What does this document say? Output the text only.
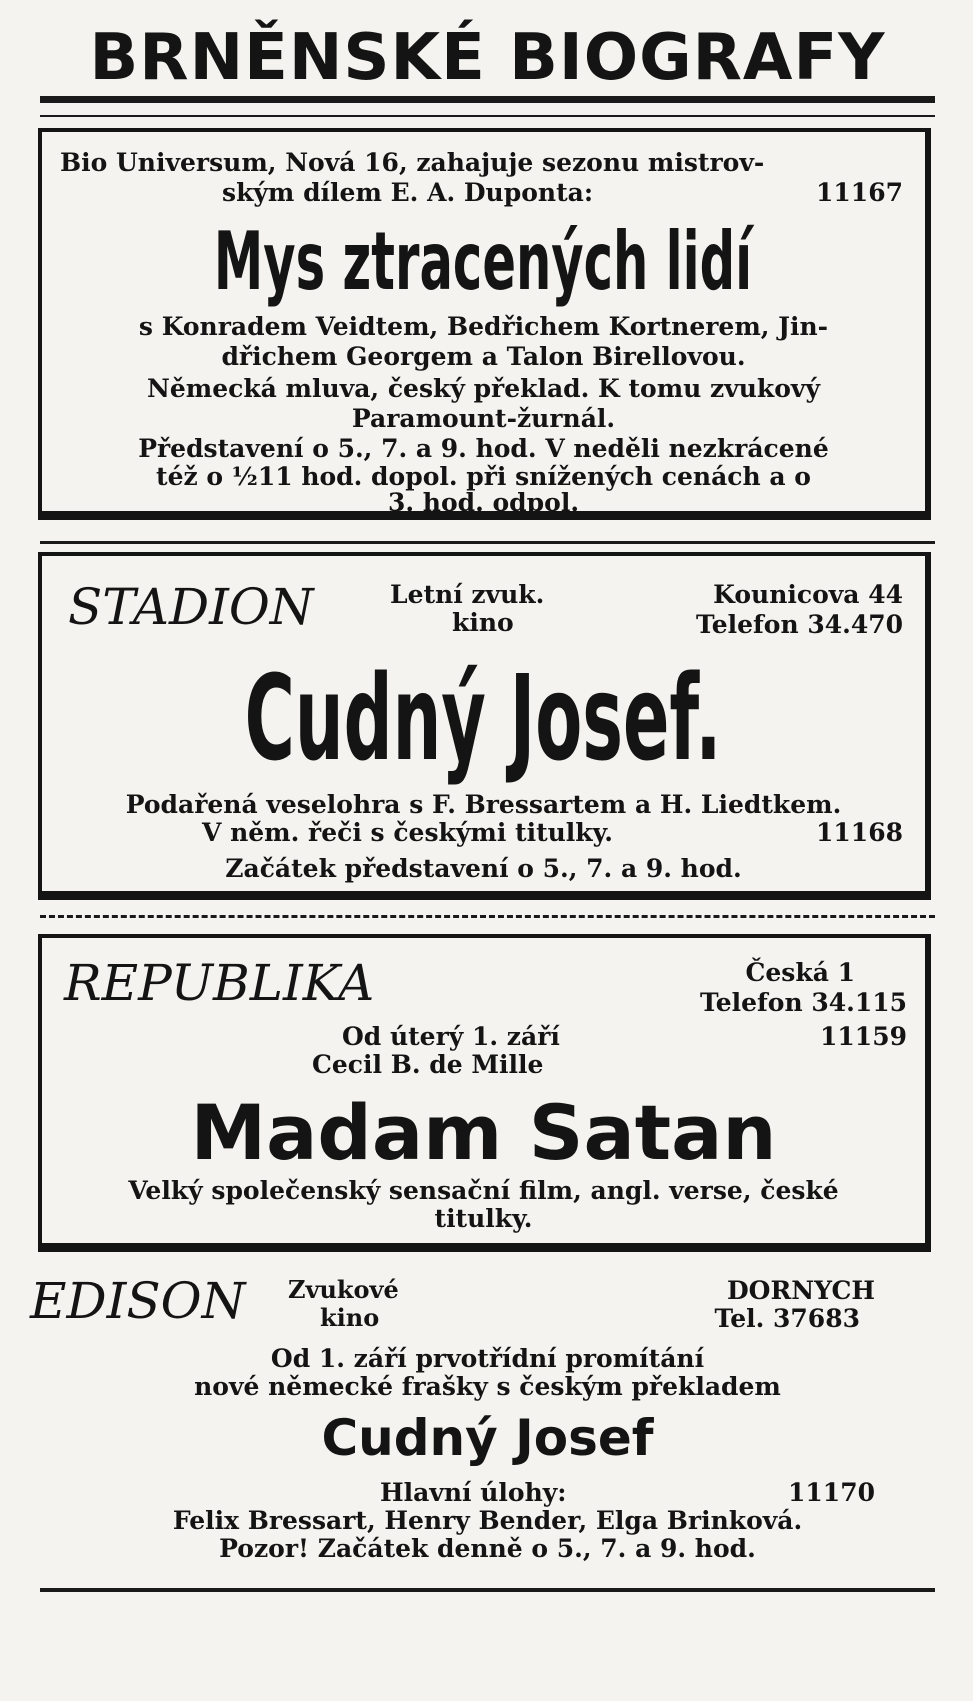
BRNĚNSKÉ BIOGRAFY
Bio Universum, Nová 16, zahajuje sezonu mistrov-
ským dílem E. A. Duponta:	11167
Mys ztracených lidí
s Konradem Veidtem, Bedřichem Kortnerem, Jin-
dřichem Georgem a Talon Birellovou.
Německá mluva, český překlad. K tomu zvukový
Paramount-žurnál.
Představení o 5., 7. a 9. hod. V neděli nezkrácené
též o ½11 hod. dopol. při snížených cenách a o
3. hod. odpol.
STADION	Letní zvuk.
kino
Kounicova 44
Telefon 34.470
Cudný Josef.
Podařená veselohra s F. Bressartem a H. Liedtkem.
V něm. řeči s českými titulky.	11168
Začátek představení o 5., 7. a 9. hod.
REPUBLIKA	Česká 1
Telefon 34.115
Od úterý 1. září	11159
Cecil B. de Mille
Madam Satan
Velký společenský sensační film, angl. verse, české
titulky.
EDISON Zvukové
kino
DORNYCH
Tel. 37683
Od 1. září prvotřídní promítání
nové německé frašky s českým překladem
Cudný Josef
Hlavní úlohy:	11170
Felix Bressart, Henry Bender, Elga Brinková.
Pozor! Začátek denně o 5., 7. a 9. hod.
